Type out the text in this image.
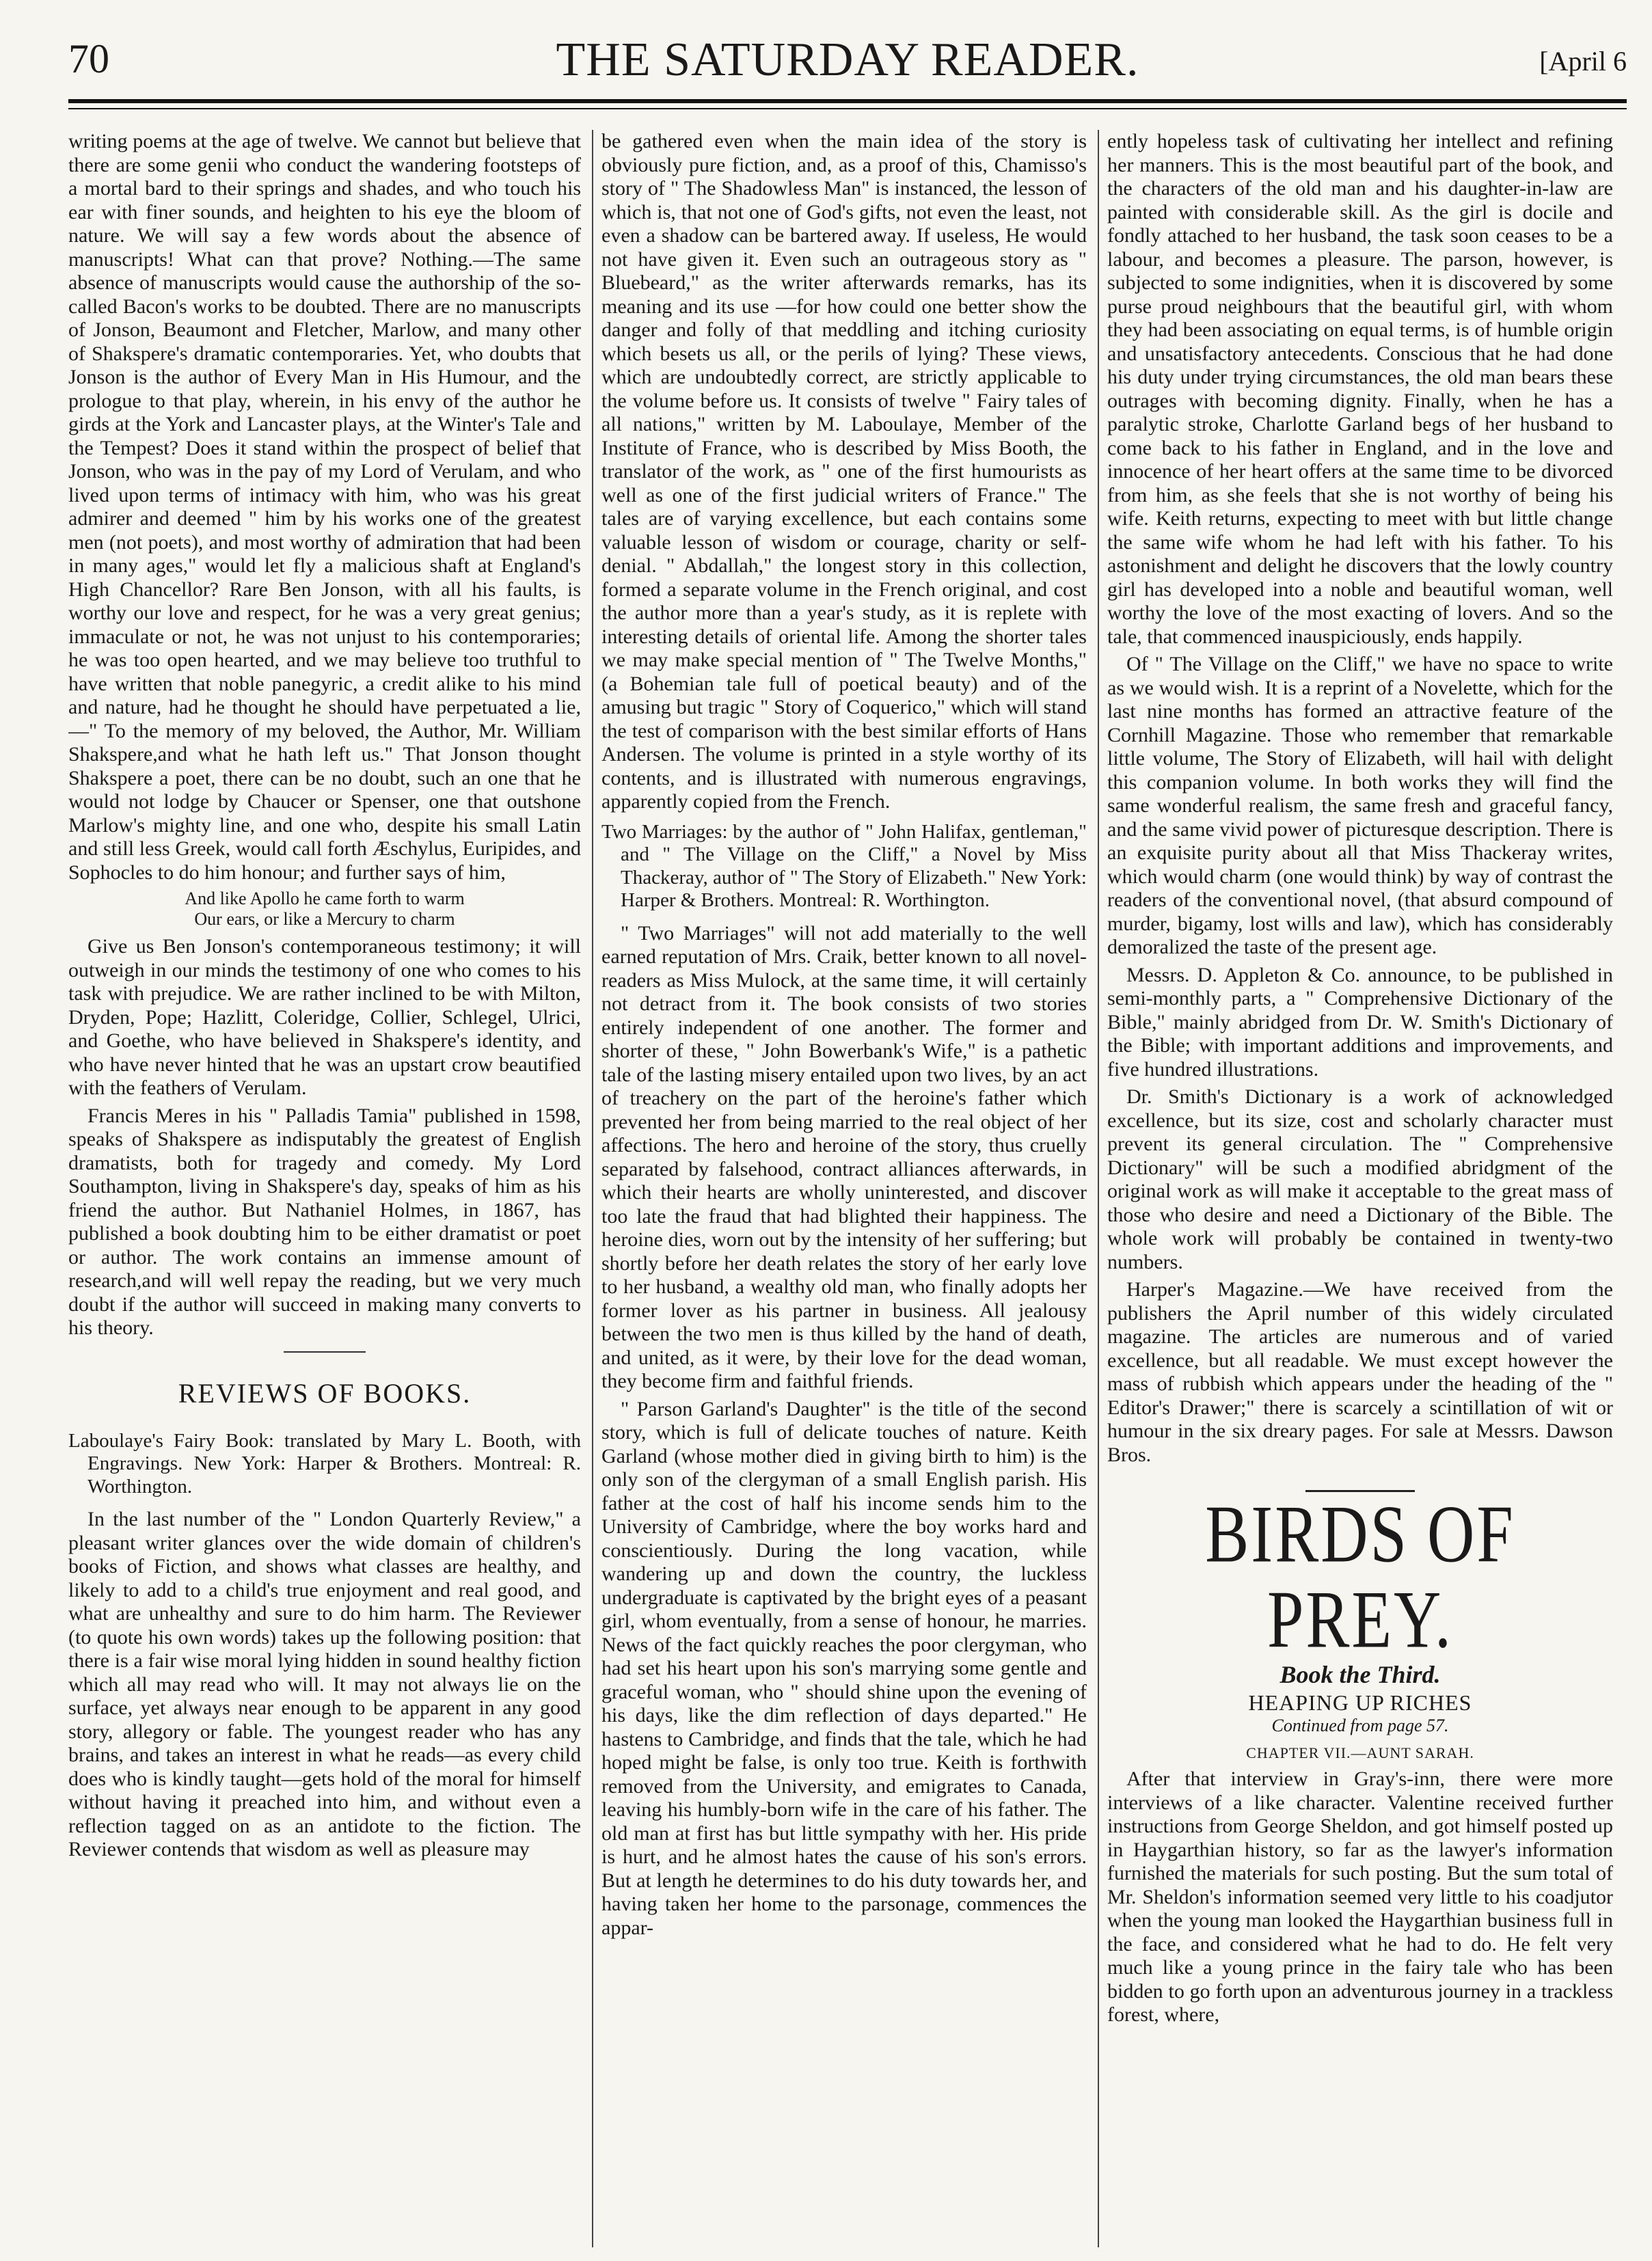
70	THE SATURDAY READER.	[April 6

writing poems at the age of twelve. We cannot but believe that there are some genii who conduct the wandering footsteps of a mortal bard to their springs and shades, and who touch his ear with finer sounds, and heighten to his eye the bloom of nature. We will say a few words about the absence of manuscripts! What can that prove? Nothing.—The same absence of manuscripts would cause the authorship of the so-called Bacon's works to be doubted. There are no manuscripts of Jonson, Beaumont and Fletcher, Marlow, and many other of Shakspere's dramatic contemporaries. Yet, who doubts that Jonson is the author of Every Man in His Humour, and the prologue to that play, wherein, in his envy of the author he girds at the York and Lancaster plays, at the Winter's Tale and the Tempest? Does it stand within the prospect of belief that Jonson, who was in the pay of my Lord of Verulam, and who lived upon terms of intimacy with him, who was his great admirer and deemed " him by his works one of the greatest men (not poets), and most worthy of admiration that had been in many ages," would let fly a malicious shaft at England's High Chancellor? Rare Ben Jonson, with all his faults, is worthy our love and respect, for he was a very great genius; immaculate or not, he was not unjust to his contemporaries; he was too open hearted, and we may believe too truthful to have written that noble panegyric, a credit alike to his mind and nature, had he thought he should have perpetuated a lie,—" To the memory of my beloved, the Author, Mr. William Shakspere,and what he hath left us." That Jonson thought Shakspere a poet, there can be no doubt, such an one that he would not lodge by Chaucer or Spenser, one that outshone Marlow's mighty line, and one who, despite his small Latin and still less Greek, would call forth Æschylus, Euripides, and Sophocles to do him honour; and further says of him,

And like Apollo he came forth to warm
Our ears, or like a Mercury to charm

Give us Ben Jonson's contemporaneous testimony; it will outweigh in our minds the testimony of one who comes to his task with prejudice. We are rather inclined to be with Milton, Dryden, Pope; Hazlitt, Coleridge, Collier, Schlegel, Ulrici, and Goethe, who have believed in Shakspere's identity, and who have never hinted that he was an upstart crow beautified with the feathers of Verulam.

Francis Meres in his " Palladis Tamia" published in 1598, speaks of Shakspere as indisputably the greatest of English dramatists, both for tragedy and comedy. My Lord Southampton, living in Shakspere's day, speaks of him as his friend the author. But Nathaniel Holmes, in 1867, has published a book doubting him to be either dramatist or poet or author. The work contains an immense amount of research,and will well repay the reading, but we very much doubt if the author will succeed in making many converts to his theory.

REVIEWS OF BOOKS.
Laboulaye's Fairy Book: translated by Mary L. Booth, with Engravings. New York: Harper & Brothers. Montreal: R. Worthington.

In the last number of the " London Quarterly Review," a pleasant writer glances over the wide domain of children's books of Fiction, and shows what classes are healthy, and likely to add to a child's true enjoyment and real good, and what are unhealthy and sure to do him harm. The Reviewer (to quote his own words) takes up the following position: that there is a fair wise moral lying hidden in sound healthy fiction which all may read who will. It may not always lie on the surface, yet always near enough to be apparent in any good story, allegory or fable. The youngest reader who has any brains, and takes an interest in what he reads—as every child does who is kindly taught—gets hold of the moral for himself without having it preached into him, and without even a reflection tagged on as an antidote to the fiction. The Reviewer contends that wisdom as well as pleasure may

be gathered even when the main idea of the story is obviously pure fiction, and, as a proof of this, Chamisso's story of " The Shadowless Man" is instanced, the lesson of which is, that not one of God's gifts, not even the least, not even a shadow can be bartered away. If useless, He would not have given it. Even such an outrageous story as " Bluebeard," as the writer afterwards remarks, has its meaning and its use —for how could one better show the danger and folly of that meddling and itching curiosity which besets us all, or the perils of lying? These views, which are undoubtedly correct, are strictly applicable to the volume before us. It consists of twelve " Fairy tales of all nations," written by M. Laboulaye, Member of the Institute of France, who is described by Miss Booth, the translator of the work, as " one of the first humourists as well as one of the first judicial writers of France." The tales are of varying excellence, but each contains some valuable lesson of wisdom or courage, charity or self-denial. " Abdallah," the longest story in this collection, formed a separate volume in the French original, and cost the author more than a year's study, as it is replete with interesting details of oriental life. Among the shorter tales we may make special mention of " The Twelve Months," (a Bohemian tale full of poetical beauty) and of the amusing but tragic " Story of Coquerico," which will stand the test of comparison with the best similar efforts of Hans Andersen. The volume is printed in a style worthy of its contents, and is illustrated with numerous engravings, apparently copied from the French.

Two Marriages: by the author of " John Halifax, gentleman," and " The Village on the Cliff," a Novel by Miss Thackeray, author of " The Story of Elizabeth." New York: Harper & Brothers. Montreal: R. Worthington.

" Two Marriages" will not add materially to the well earned reputation of Mrs. Craik, better known to all novel-readers as Miss Mulock, at the same time, it will certainly not detract from it. The book consists of two stories entirely independent of one another. The former and shorter of these, " John Bowerbank's Wife," is a pathetic tale of the lasting misery entailed upon two lives, by an act of treachery on the part of the heroine's father which prevented her from being married to the real object of her affections. The hero and heroine of the story, thus cruelly separated by falsehood, contract alliances afterwards, in which their hearts are wholly uninterested, and discover too late the fraud that had blighted their happiness. The heroine dies, worn out by the intensity of her suffering; but shortly before her death relates the story of her early love to her husband, a wealthy old man, who finally adopts her former lover as his partner in business. All jealousy between the two men is thus killed by the hand of death, and united, as it were, by their love for the dead woman, they become firm and faithful friends.

" Parson Garland's Daughter" is the title of the second story, which is full of delicate touches of nature. Keith Garland (whose mother died in giving birth to him) is the only son of the clergyman of a small English parish. His father at the cost of half his income sends him to the University of Cambridge, where the boy works hard and conscientiously. During the long vacation, while wandering up and down the country, the luckless undergraduate is captivated by the bright eyes of a peasant girl, whom eventually, from a sense of honour, he marries. News of the fact quickly reaches the poor clergyman, who had set his heart upon his son's marrying some gentle and graceful woman, who " should shine upon the evening of his days, like the dim reflection of days departed." He hastens to Cambridge, and finds that the tale, which he had hoped might be false, is only too true. Keith is forthwith removed from the University, and emigrates to Canada, leaving his humbly-born wife in the care of his father. The old man at first has but little sympathy with her. His pride is hurt, and he almost hates the cause of his son's errors. But at length he determines to do his duty towards her, and having taken her home to the parsonage, commences the appar-

ently hopeless task of cultivating her intellect and refining her manners. This is the most beautiful part of the book, and the characters of the old man and his daughter-in-law are painted with considerable skill. As the girl is docile and fondly attached to her husband, the task soon ceases to be a labour, and becomes a pleasure. The parson, however, is subjected to some indignities, when it is discovered by some purse proud neighbours that the beautiful girl, with whom they had been associating on equal terms, is of humble origin and unsatisfactory antecedents. Conscious that he had done his duty under trying circumstances, the old man bears these outrages with becoming dignity. Finally, when he has a paralytic stroke, Charlotte Garland begs of her husband to come back to his father in England, and in the love and innocence of her heart offers at the same time to be divorced from him, as she feels that she is not worthy of being his wife. Keith returns, expecting to meet with but little change the same wife whom he had left with his father. To his astonishment and delight he discovers that the lowly country girl has developed into a noble and beautiful woman, well worthy the love of the most exacting of lovers. And so the tale, that commenced inauspiciously, ends happily.

Of " The Village on the Cliff," we have no space to write as we would wish. It is a reprint of a Novelette, which for the last nine months has formed an attractive feature of the Cornhill Magazine. Those who remember that remarkable little volume, The Story of Elizabeth, will hail with delight this companion volume. In both works they will find the same wonderful realism, the same fresh and graceful fancy, and the same vivid power of picturesque description. There is an exquisite purity about all that Miss Thackeray writes, which would charm (one would think) by way of contrast the readers of the conventional novel, (that absurd compound of murder, bigamy, lost wills and law), which has considerably demoralized the taste of the present age.

Messrs. D. Appleton & Co. announce, to be published in semi-monthly parts, a " Comprehensive Dictionary of the Bible," mainly abridged from Dr. W. Smith's Dictionary of the Bible; with important additions and improvements, and five hundred illustrations.

Dr. Smith's Dictionary is a work of acknowledged excellence, but its size, cost and scholarly character must prevent its general circulation. The " Comprehensive Dictionary" will be such a modified abridgment of the original work as will make it acceptable to the great mass of those who desire and need a Dictionary of the Bible. The whole work will probably be contained in twenty-two numbers.

Harper's Magazine.—We have received from the publishers the April number of this widely circulated magazine. The articles are numerous and of varied excellence, but all readable. We must except however the mass of rubbish which appears under the heading of the " Editor's Drawer;" there is scarcely a scintillation of wit or humour in the six dreary pages. For sale at Messrs. Dawson Bros.

BIRDS OF PREY.
Book the Third.
HEAPING UP RICHES
Continued from page 57.
CHAPTER VII.—AUNT SARAH.

After that interview in Gray's-inn, there were more interviews of a like character. Valentine received further instructions from George Sheldon, and got himself posted up in Haygarthian history, so far as the lawyer's information furnished the materials for such posting. But the sum total of Mr. Sheldon's information seemed very little to his coadjutor when the young man looked the Haygarthian business full in the face, and considered what he had to do. He felt very much like a young prince in the fairy tale who has been bidden to go forth upon an adventurous journey in a trackless forest, where,
